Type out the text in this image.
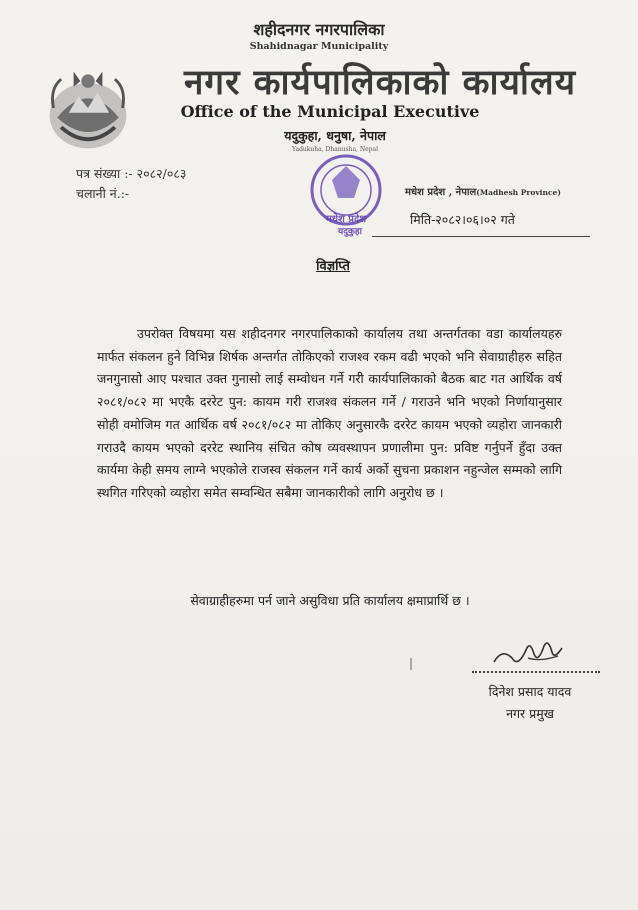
शहीदनगर नगरपालिका

Shahidnagar Municipality

नगर कार्यपालिकाको कार्यालय

Office of the Municipal Executive

यदुकुहा, धनुषा, नेपाल

Yadukuha, Dhanusha, Nepal

मधेश प्रदेश
यदुकुहा

पत्र संख्या :- २०८२/०८३

चलानी नं.:-	मधेश प्रदेश , नेपाल(Madhesh Province)

मिति-२०८२।०६।०२ गते

विज्ञप्ति

उपरोक्त विषयमा यस शहीदनगर नगरपालिकाको कार्यालय तथा अन्तर्गतका वडा कार्यालयहरु मार्फत संकलन हुने विभिन्न शिर्षक अन्तर्गत तोकिएको राजश्व रकम वढी भएको भनि सेवाग्राहीहरु सहित जनगुनासो आए पश्चात उक्त गुनासो लाई सम्वोधन गर्ने गरी कार्यपालिकाको बैठक बाट गत आर्थिक वर्ष २०८१/०८२ मा भएकै दररेट पुन: कायम गरी राजश्व संकलन गर्ने / गराउने भनि भएको निर्णायानुसार सोही वमोजिम गत आर्थिक वर्ष २०८१/०८२ मा तोकिए अनुसारकै दररेट कायम भएको व्यहोरा जानकारी गराउदै कायम भएको दररेट स्थानिय संचित कोष व्यवस्थापन प्रणालीमा पुन: प्रविष्ट गर्नुपर्ने हुँदा उक्त कार्यमा केही समय लाग्ने भएकोले राजस्व संकलन गर्ने कार्य अर्को सुचना प्रकाशन नहुन्जेल सम्मको लागि स्थगित गरिएको व्यहोरा समेत सम्वन्धित सबैमा जानकारीको लागि अनुरोध छ ।

सेवाग्राहीहरुमा पर्न जाने असुविधा प्रति कार्यालय क्षमाप्रार्थि छ ।

दिनेश प्रसाद यादव

नगर प्रमुख
